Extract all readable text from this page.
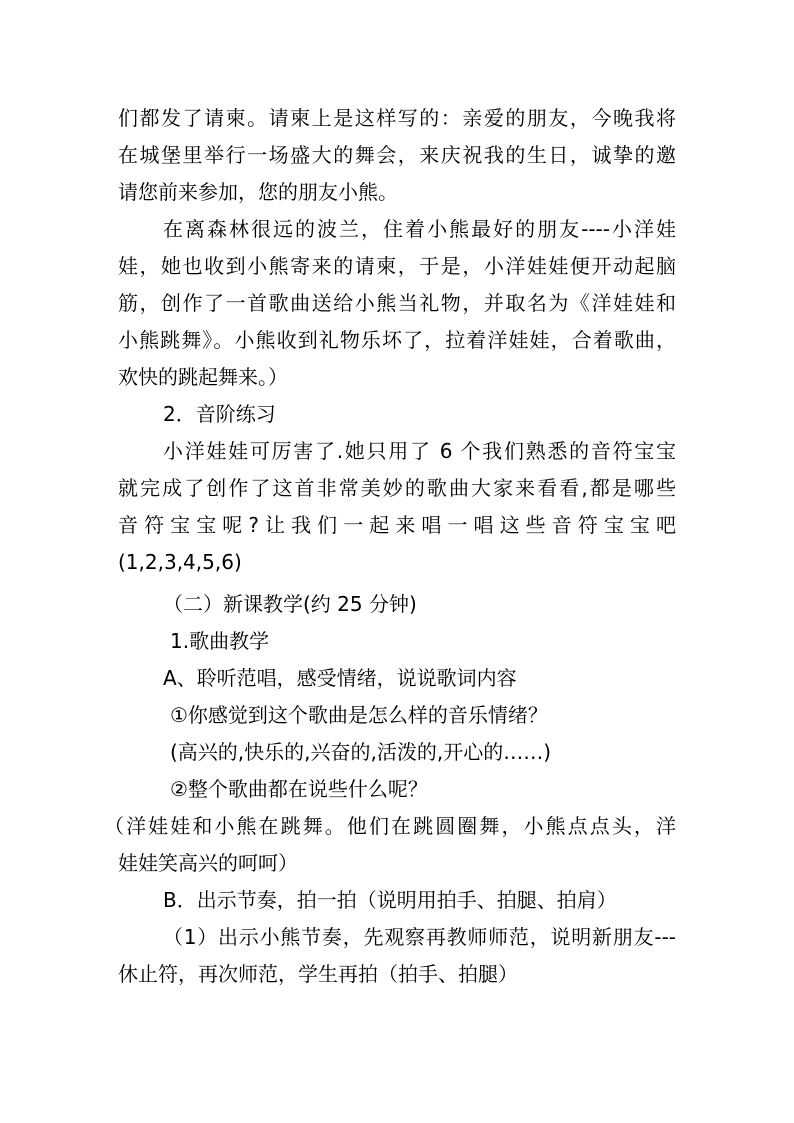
们都发了请柬。请柬上是这样写的：亲爱的朋友，今晚我将
在城堡里举行一场盛大的舞会，来庆祝我的生日，诚挚的邀
请您前来参加，您的朋友小熊。
在离森林很远的波兰，住着小熊最好的朋友----小洋娃
娃，她也收到小熊寄来的请柬，于是，小洋娃娃便开动起脑
筋，创作了一首歌曲送给小熊当礼物，并取名为《洋娃娃和
小熊跳舞》。小熊收到礼物乐坏了，拉着洋娃娃，合着歌曲，
欢快的跳起舞来。）
2．音阶练习
小洋娃娃可厉害了.她只用了 6 个我们熟悉的音符宝宝
就完成了创作了这首非常美妙的歌曲大家来看看,都是哪些
音符宝宝呢?让我们一起来唱一唱这些音符宝宝吧
(1,2,3,4,5,6)
（二）新课教学(约 25 分钟)
1.歌曲教学
A、聆听范唱，感受情绪，说说歌词内容
①你感觉到这个歌曲是怎么样的音乐情绪？
(高兴的,快乐的,兴奋的,活泼的,开心的……)
②整个歌曲都在说些什么呢？
（洋娃娃和小熊在跳舞。他们在跳圆圈舞，小熊点点头，洋
娃娃笑高兴的呵呵）
B．出示节奏，拍一拍（说明用拍手、拍腿、拍肩）
（1）出示小熊节奏，先观察再教师师范，说明新朋友---
休止符，再次师范，学生再拍（拍手、拍腿）
